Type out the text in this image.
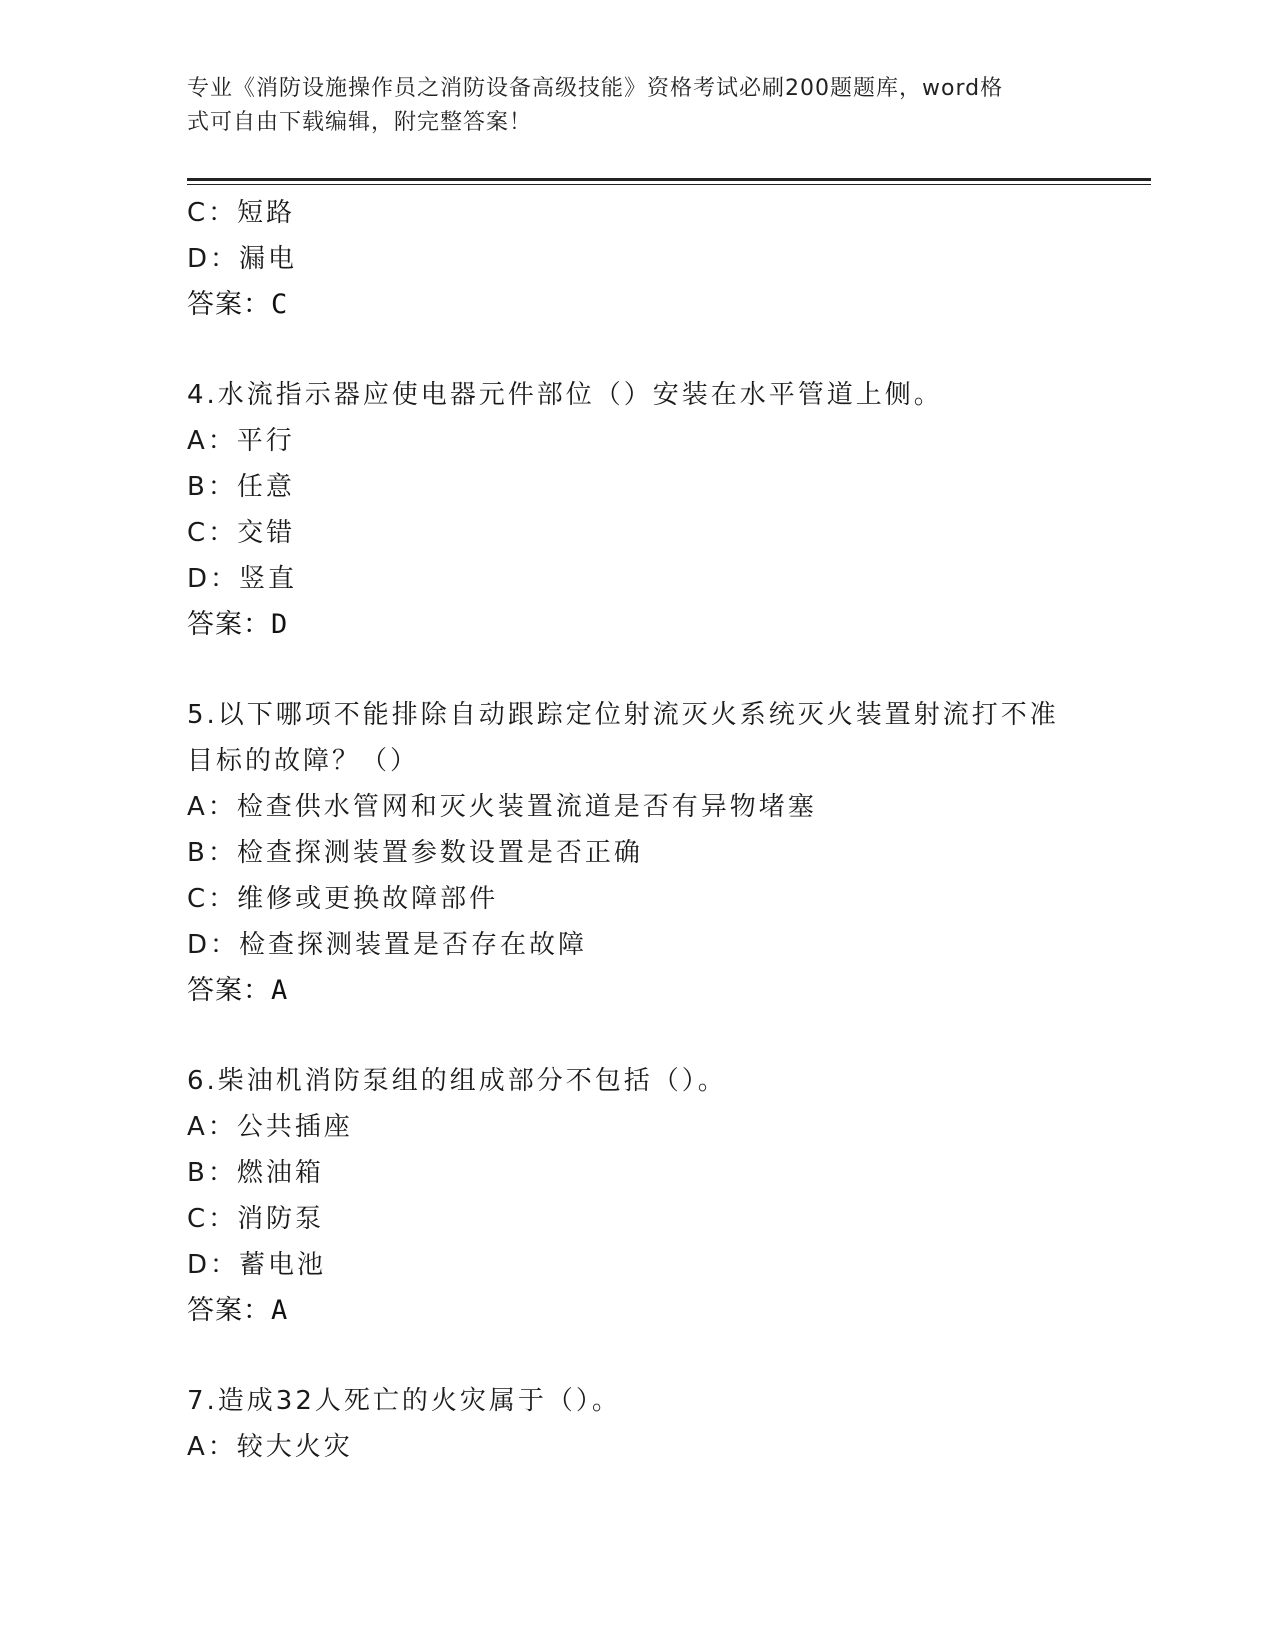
专业《消防设施操作员之消防设备高级技能》资格考试必刷200题题库，word格
式可自由下载编辑，附完整答案！
C：短路
D：漏电
答案：C
4.水流指示器应使电器元件部位（）安装在水平管道上侧。
A：平行
B：任意
C：交错
D：竖直
答案：D
5.以下哪项不能排除自动跟踪定位射流灭火系统灭火装置射流打不准
目标的故障？（）
A：检查供水管网和灭火装置流道是否有异物堵塞
B：检查探测装置参数设置是否正确
C：维修或更换故障部件
D：检查探测装置是否存在故障
答案：A
6.柴油机消防泵组的组成部分不包括（）。
A：公共插座
B：燃油箱
C：消防泵
D：蓄电池
答案：A
7.造成32人死亡的火灾属于（）。
A：较大火灾
